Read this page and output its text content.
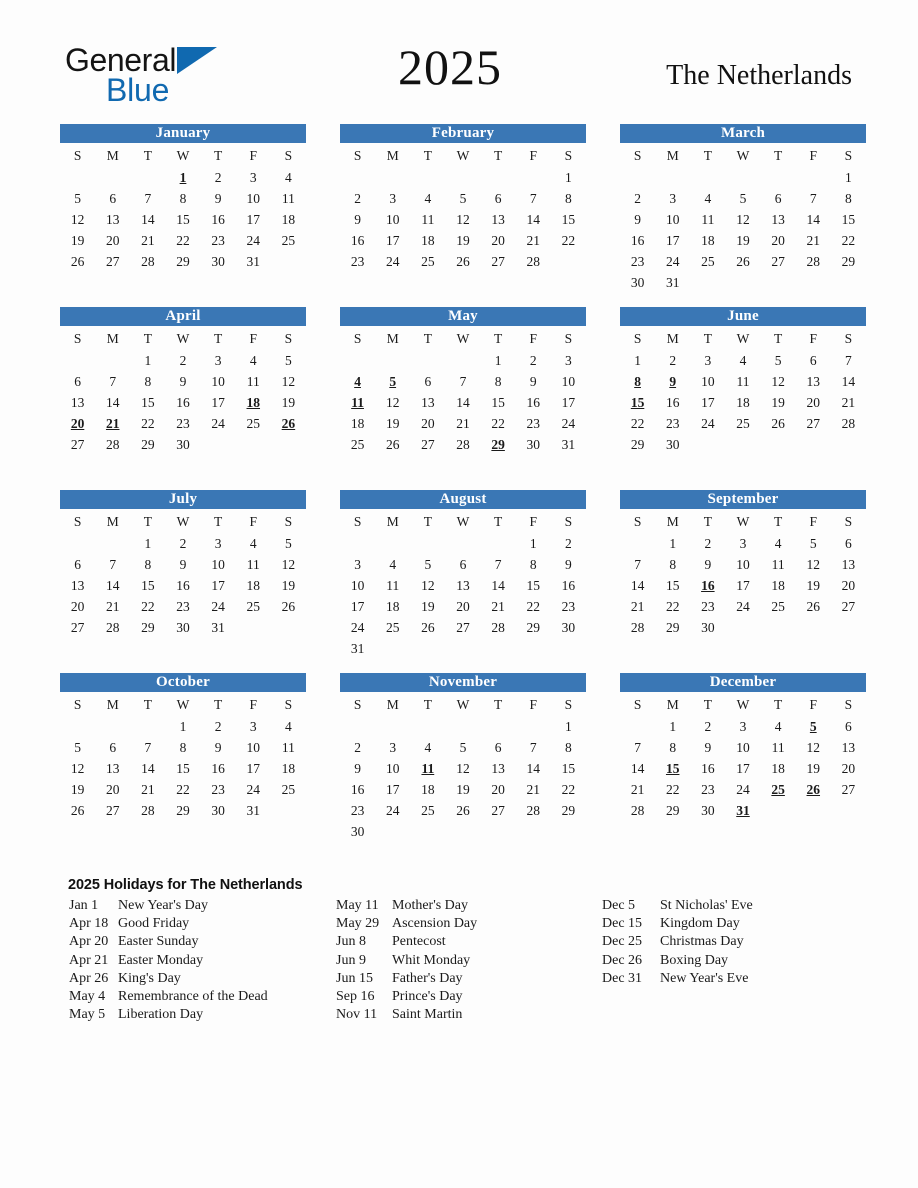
General
Blue	2025	The Netherlands
January
S	M	T	W	T	F	S
			1	2	3	4
5	6	7	8	9	10	11
12	13	14	15	16	17	18
19	20	21	22	23	24	25
26	27	28	29	30	31	
February
S	M	T	W	T	F	S
						1
2	3	4	5	6	7	8
9	10	11	12	13	14	15
16	17	18	19	20	21	22
23	24	25	26	27	28	
March
S	M	T	W	T	F	S
						1
2	3	4	5	6	7	8
9	10	11	12	13	14	15
16	17	18	19	20	21	22
23	24	25	26	27	28	29
30	31					
April
S	M	T	W	T	F	S
		1	2	3	4	5
6	7	8	9	10	11	12
13	14	15	16	17	18	19
20	21	22	23	24	25	26
27	28	29	30			
May
S	M	T	W	T	F	S
				1	2	3
4	5	6	7	8	9	10
11	12	13	14	15	16	17
18	19	20	21	22	23	24
25	26	27	28	29	30	31
June
S	M	T	W	T	F	S
1	2	3	4	5	6	7
8	9	10	11	12	13	14
15	16	17	18	19	20	21
22	23	24	25	26	27	28
29	30					
July
S	M	T	W	T	F	S
		1	2	3	4	5
6	7	8	9	10	11	12
13	14	15	16	17	18	19
20	21	22	23	24	25	26
27	28	29	30	31		
August
S	M	T	W	T	F	S
					1	2
3	4	5	6	7	8	9
10	11	12	13	14	15	16
17	18	19	20	21	22	23
24	25	26	27	28	29	30
31						
September
S	M	T	W	T	F	S
	1	2	3	4	5	6
7	8	9	10	11	12	13
14	15	16	17	18	19	20
21	22	23	24	25	26	27
28	29	30				
October
S	M	T	W	T	F	S
			1	2	3	4
5	6	7	8	9	10	11
12	13	14	15	16	17	18
19	20	21	22	23	24	25
26	27	28	29	30	31	
November
S	M	T	W	T	F	S
						1
2	3	4	5	6	7	8
9	10	11	12	13	14	15
16	17	18	19	20	21	22
23	24	25	26	27	28	29
30						
December
S	M	T	W	T	F	S
	1	2	3	4	5	6
7	8	9	10	11	12	13
14	15	16	17	18	19	20
21	22	23	24	25	26	27
28	29	30	31			
2025 Holidays for The Netherlands
Jan 1	New Year's Day
Apr 18 Good Friday
Apr 20 Easter Sunday
Apr 21 Easter Monday
Apr 26 King's Day
May 4 Remembrance of the Dead
May 5 Liberation Day
May 11 Mother's Day
May 29 Ascension Day
Jun 8	Pentecost
Jun 9	Whit Monday
Jun 15	Father's Day
Sep 16	Prince's Day
Nov 11	Saint Martin
Dec 5	St Nicholas' Eve
Dec 15	Kingdom Day
Dec 25	Christmas Day
Dec 26	Boxing Day
Dec 31	New Year's Eve
